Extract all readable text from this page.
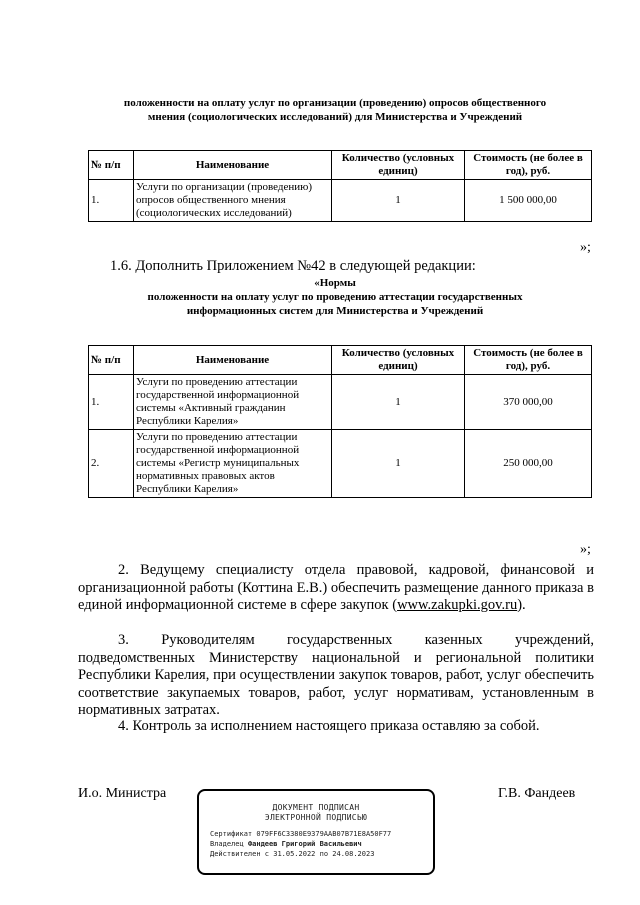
положенности на оплату услуг по организации (проведению) опросов общественного
мнения (социологических исследований) для Министерства и Учреждений
№ п/п	Наименование	Количество (условных единиц)	Стоимость (не более в год), руб.
1.	Услуги по организации (проведению) опросов общественного мнения (социологических исследований)	1	1 500 000,00
»;
1.6. Дополнить Приложением №42 в следующей редакции:
«Нормы
положенности на оплату услуг по проведению аттестации государственных
информационных систем для Министерства и Учреждений
№ п/п	Наименование	Количество (условных единиц)	Стоимость (не более в год), руб.
1.	Услуги по проведению аттестации государственной информационной системы «Активный гражданин Республики Карелия»	1	370 000,00
2.	Услуги по проведению аттестации государственной информационной системы «Регистр муниципальных нормативных правовых актов Республики Карелия»	1	250 000,00
»;
2. Ведущему специалисту отдела правовой, кадровой, финансовой и организационной работы (Коттина Е.В.) обеспечить размещение данного приказа в единой информационной системе в сфере закупок (www.zakupki.gov.ru).
3. Руководителям государственных казенных учреждений, подведомственных Министерству национальной и региональной политики Республики Карелия, при осуществлении закупок товаров, работ, услуг обеспечить соответствие закупаемых товаров, работ, услуг нормативам, установленным в нормативных затратах.
4. Контроль за исполнением настоящего приказа оставляю за собой.
И.о. Министра	Г.В. Фандеев
ДОКУМЕНТ ПОДПИСАН
ЭЛЕКТРОННОЙ ПОДПИСЬЮ
Сертификат 079FF6C3380E9379AAB07B71E8A50F77
Владелец Фандеев Григорий Васильевич
Действителен с 31.05.2022 по 24.08.2023
